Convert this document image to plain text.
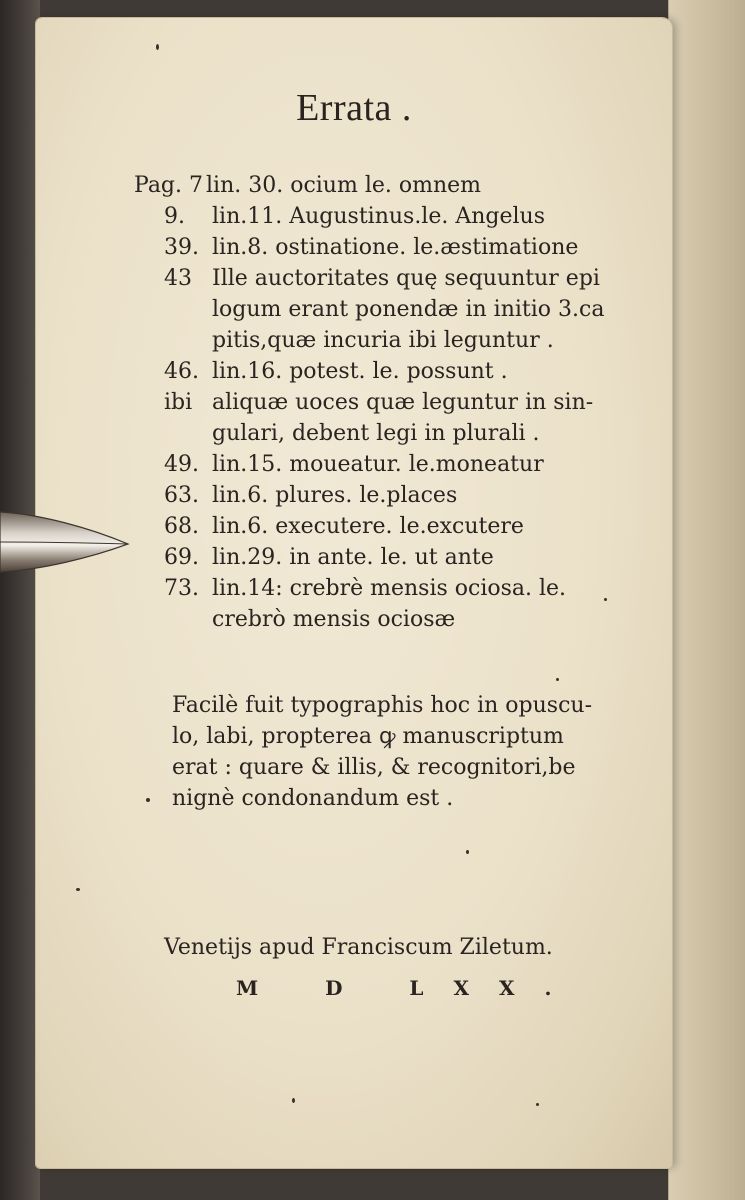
Errata .
Pag. 7 lin. 30. ocium le. omnem
9. lin.11. Augustinus.le. Angelus
39. lin.8. ostinatione. le.æstimatione
43 Ille auctoritates quę sequuntur epi
logum erant ponendæ in initio 3.ca
pitis,quæ incuria ibi leguntur .
46. lin.16. potest. le. possunt .
ibi aliquæ uoces quæ leguntur in sin-
gulari, debent legi in plurali .
49. lin.15. moueatur. le.moneatur
63. lin.6. plures. le.places
68. lin.6. executere. le.excutere
69. lin.29. in ante. le. ut ante
73. lin.14: crebrè mensis ociosa. le.
crebrò mensis ociosæ
Facilè fuit typographis hoc in opuscu-
lo, labi, propterea ꝙ manuscriptum
erat : quare & illis, & recognitori,be
nignè condonandum est .
Venetijs apud Franciscum Ziletum.
M D LXX.
